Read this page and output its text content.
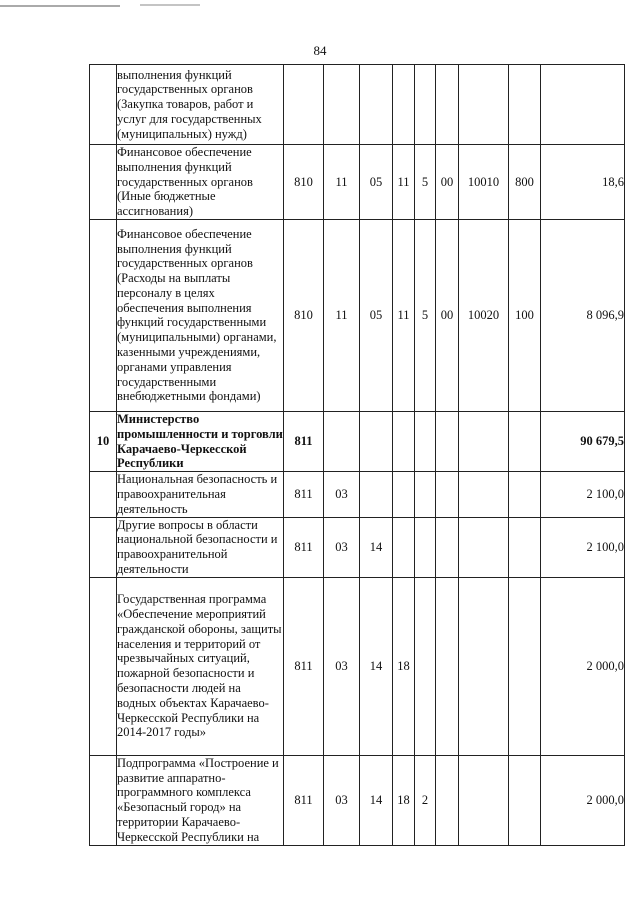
84
	выполнения функций государственных органов (Закупка товаров, работ и услуг для государственных (муниципальных) нужд)									
	Финансовое обеспечение выполнения функций государственных органов (Иные бюджетные ассигнования)	810	11	05	11	5	00	10010	800	18,6
	Финансовое обеспечение выполнения функций государственных органов (Расходы на выплаты персоналу в целях обеспечения выполнения функций государственными (муниципальными) органами, казенными учреждениями, органами управления государственными внебюджетными фондами)	810	11	05	11	5	00	10020	100	8 096,9
10	Министерство промышленности и торговли Карачаево-Черкесской Республики	811								90 679,5
	Национальная безопасность и правоохранительная деятельность	811	03							2 100,0
	Другие вопросы в области национальной безопасности и правоохранительной деятельности	811	03	14						2 100,0
	Государственная программа «Обеспечение мероприятий гражданской обороны, защиты населения и территорий от чрезвычайных ситуаций, пожарной безопасности и безопасности людей на водных объектах Карачаево-Черкесской Республики на 2014-2017 годы»	811	03	14	18					2 000,0
	Подпрограмма «Построение и развитие аппаратно-программного комплекса «Безопасный город» на территории Карачаево-Черкесской Республики на	811	03	14	18	2				2 000,0
